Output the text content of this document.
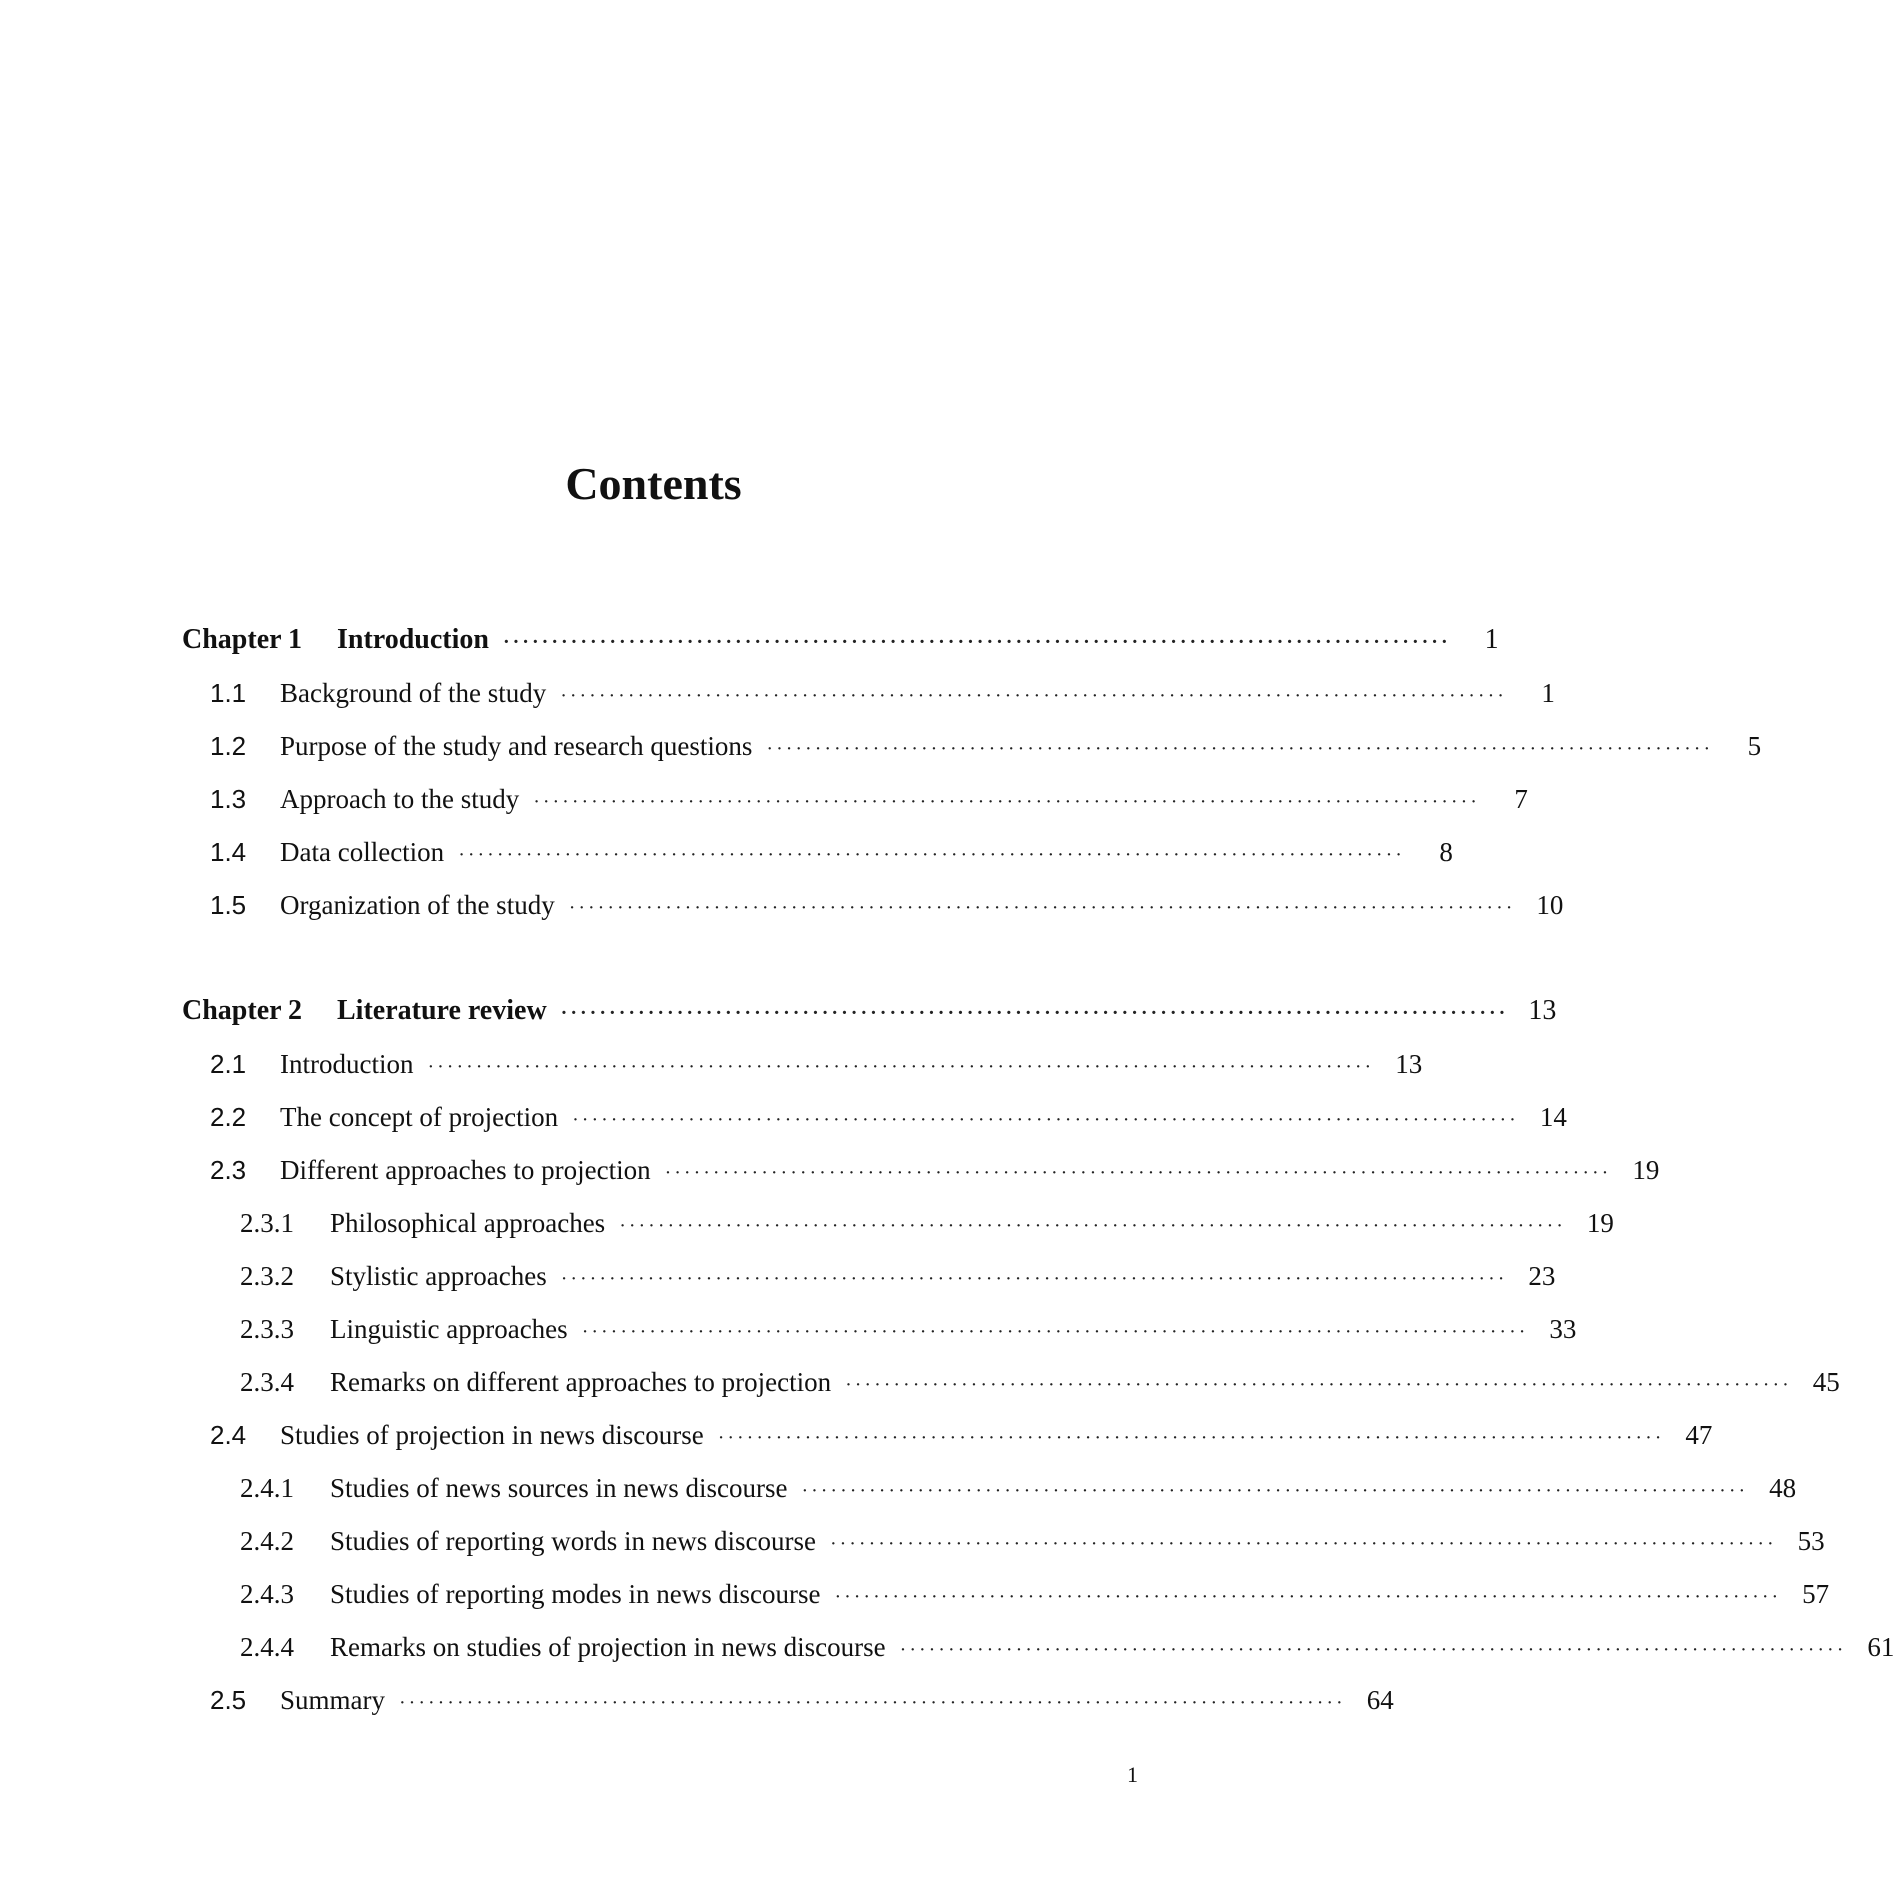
Contents
Chapter 1	Introduction ··································································································	1
1.1	Background of the study ··································································································	1
1.2	Purpose of the study and research questions ··································································································	5
1.3	Approach to the study ··································································································	7
1.4	Data collection ··································································································	8
1.5	Organization of the study ·································································································· 10
Chapter 2	Literature review ·································································································· 13
2.1	Introduction ·································································································· 13
2.2	The concept of projection ·································································································· 14
2.3	Different approaches to projection ·································································································· 19
2.3.1	Philosophical approaches ·································································································· 19
2.3.2	Stylistic approaches ·································································································· 23
2.3.3	Linguistic approaches ·································································································· 33
2.3.4	Remarks on different approaches to projection ·································································································· 45
2.4	Studies of projection in news discourse ·································································································· 47
2.4.1	Studies of news sources in news discourse ·································································································· 48
2.4.2	Studies of reporting words in news discourse ·································································································· 53
2.4.3	Studies of reporting modes in news discourse ·································································································· 57
2.4.4	Remarks on studies of projection in news discourse ·································································································· 61
2.5	Summary ·································································································· 64
1
